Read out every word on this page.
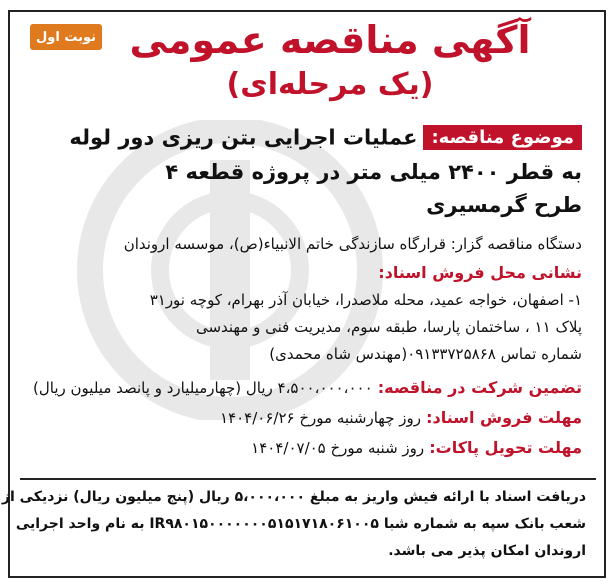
نوبت اول آگهی مناقصه عمومی
(یک مرحله‌ای)
موضوع مناقصه:عملیات اجرایی بتن ریزی دور لوله
به قطر ۲۴۰۰ میلی متر در پروژه قطعه ۴
طرح گرمسیری
دستگاه مناقصه گزار: قرارگاه سازندگی خاتم الانبیاء(ص)، موسسه اروندان
نشانی محل فروش اسناد:
۱- اصفهان، خواجه عمید، محله ملاصدرا، خیابان آذر بهرام، کوچه نور۳۱
پلاک ۱۱ ، ساختمان پارسا، طبقه سوم، مدیریت فنی و مهندسی
شماره تماس ۰۹۱۳۳۷۲۵۸۶۸(مهندس شاه محمدی)
تضمین شرکت در مناقصه: ۴،۵۰۰،۰۰۰،۰۰۰ ریال (چهارمیلیارد و پانصد میلیون ریال)
مهلت فروش اسناد: روز چهارشنبه مورخ ۱۴۰۴/۰۶/۲۶
مهلت تحویل پاکات: روز شنبه مورخ ۱۴۰۴/۰۷/۰۵
دریافت اسناد با ارائه فیش واریز به مبلغ ۵،۰۰۰،۰۰۰ ریال (پنج میلیون ریال) نزدیکی از
شعب بانک سپه به شماره شبا IR۹۸۰۱۵۰۰۰۰۰۰۰۵۱۵۱۷۱۸۰۶۱۰۰۵ به نام واحد اجرایی
اروندان امکان پذیر می باشد.
